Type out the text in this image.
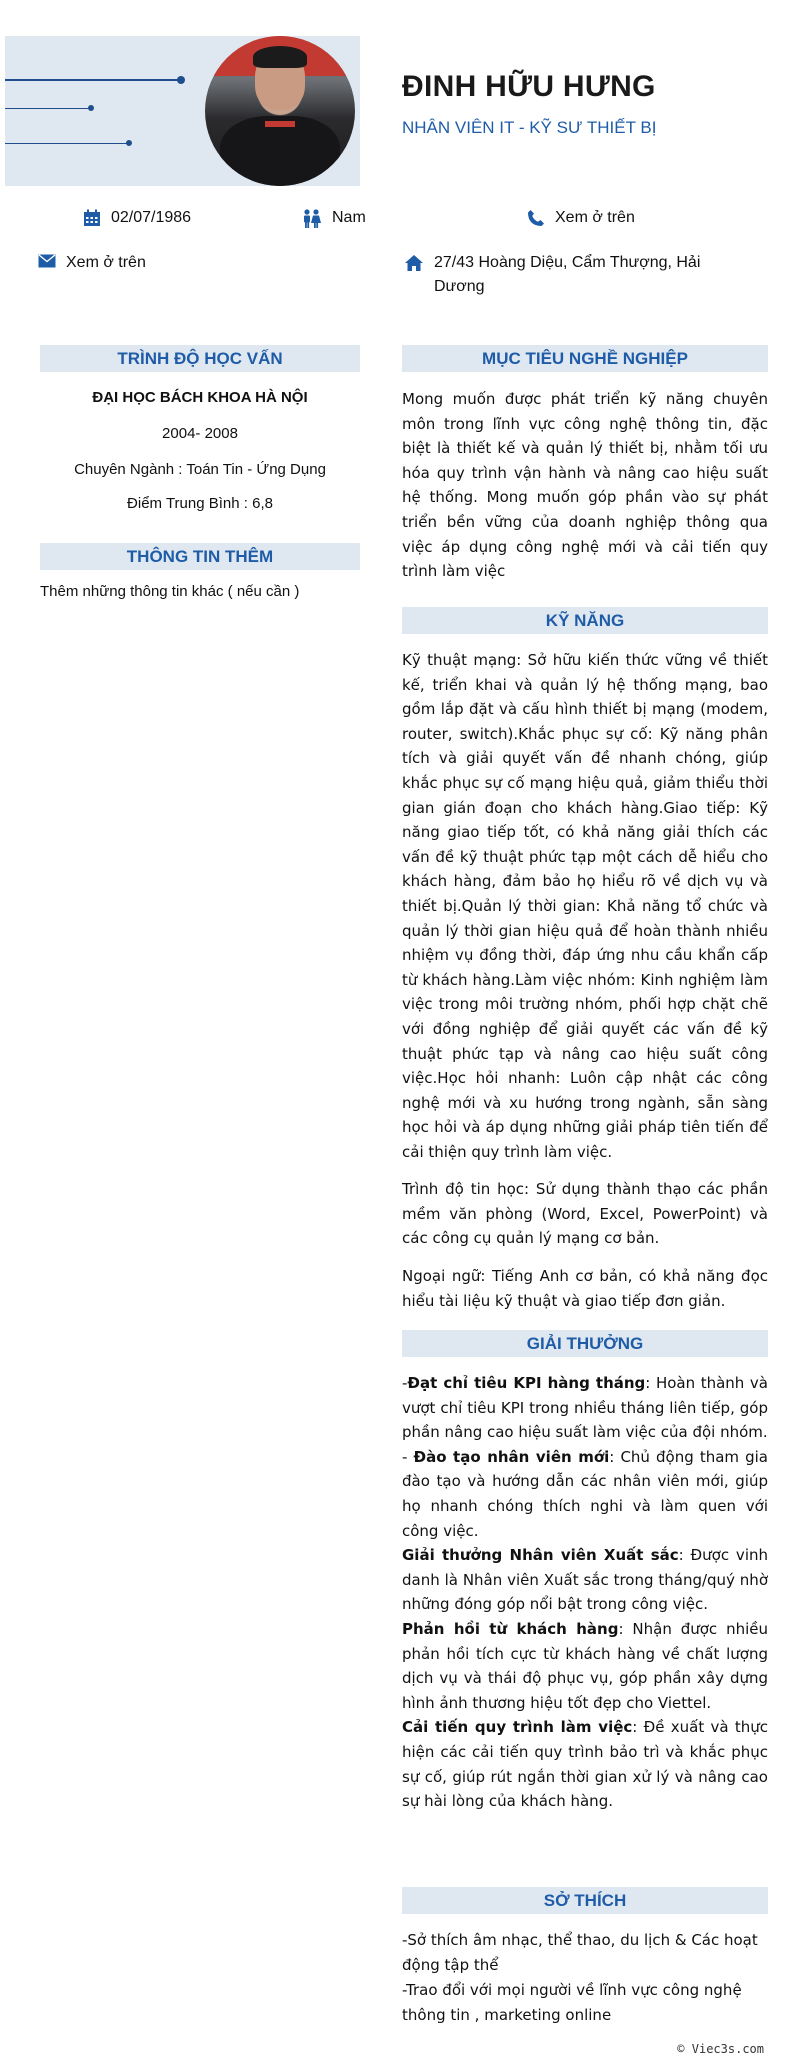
ĐINH HỮU HƯNG
NHÂN VIÊN IT - KỸ SƯ THIẾT BỊ
02/07/1986	Nam	Xem ở trên
Xem ở trên	27/43 Hoàng Diệu, Cẩm Thượng, Hải Dương
TRÌNH ĐỘ HỌC VẤN
ĐẠI HỌC BÁCH KHOA HÀ NỘI
2004- 2008
Chuyên Ngành : Toán Tin - Ứng Dụng
Điểm Trung Bình : 6,8
THÔNG TIN THÊM
Thêm những thông tin khác ( nếu cần )
MỤC TIÊU NGHỀ NGHIỆP
Mong muốn được phát triển kỹ năng chuyên môn trong lĩnh vực công nghệ thông tin, đặc biệt là thiết kế và quản lý thiết bị, nhằm tối ưu hóa quy trình vận hành và nâng cao hiệu suất hệ thống. Mong muốn góp phần vào sự phát triển bền vững của doanh nghiệp thông qua việc áp dụng công nghệ mới và cải tiến quy trình làm việc
KỸ NĂNG
Kỹ thuật mạng: Sở hữu kiến thức vững về thiết kế, triển khai và quản lý hệ thống mạng, bao gồm lắp đặt và cấu hình thiết bị mạng (modem, router, switch).Khắc phục sự cố: Kỹ năng phân tích và giải quyết vấn đề nhanh chóng, giúp khắc phục sự cố mạng hiệu quả, giảm thiểu thời gian gián đoạn cho khách hàng.Giao tiếp: Kỹ năng giao tiếp tốt, có khả năng giải thích các vấn đề kỹ thuật phức tạp một cách dễ hiểu cho khách hàng, đảm bảo họ hiểu rõ về dịch vụ và thiết bị.Quản lý thời gian: Khả năng tổ chức và quản lý thời gian hiệu quả để hoàn thành nhiều nhiệm vụ đồng thời, đáp ứng nhu cầu khẩn cấp từ khách hàng.Làm việc nhóm: Kinh nghiệm làm việc trong môi trường nhóm, phối hợp chặt chẽ với đồng nghiệp để giải quyết các vấn đề kỹ thuật phức tạp và nâng cao hiệu suất công việc.Học hỏi nhanh: Luôn cập nhật các công nghệ mới và xu hướng trong ngành, sẵn sàng học hỏi và áp dụng những giải pháp tiên tiến để cải thiện quy trình làm việc.
Trình độ tin học: Sử dụng thành thạo các phần mềm văn phòng (Word, Excel, PowerPoint) và các công cụ quản lý mạng cơ bản.
Ngoại ngữ: Tiếng Anh cơ bản, có khả năng đọc hiểu tài liệu kỹ thuật và giao tiếp đơn giản.
GIẢI THƯỞNG
-Đạt chỉ tiêu KPI hàng tháng: Hoàn thành và vượt chỉ tiêu KPI trong nhiều tháng liên tiếp, góp phần nâng cao hiệu suất làm việc của đội nhóm.
- Đào tạo nhân viên mới: Chủ động tham gia đào tạo và hướng dẫn các nhân viên mới, giúp họ nhanh chóng thích nghi và làm quen với công việc.
Giải thưởng Nhân viên Xuất sắc: Được vinh danh là Nhân viên Xuất sắc trong tháng/quý nhờ những đóng góp nổi bật trong công việc.
Phản hồi từ khách hàng: Nhận được nhiều phản hồi tích cực từ khách hàng về chất lượng dịch vụ và thái độ phục vụ, góp phần xây dựng hình ảnh thương hiệu tốt đẹp cho Viettel.
Cải tiến quy trình làm việc: Đề xuất và thực hiện các cải tiến quy trình bảo trì và khắc phục sự cố, giúp rút ngắn thời gian xử lý và nâng cao sự hài lòng của khách hàng.
SỞ THÍCH
-Sở thích âm nhạc, thể thao, du lịch & Các hoạt động tập thể
-Trao đổi với mọi người về lĩnh vực công nghệ thông tin , marketing online
© Viec3s.com
